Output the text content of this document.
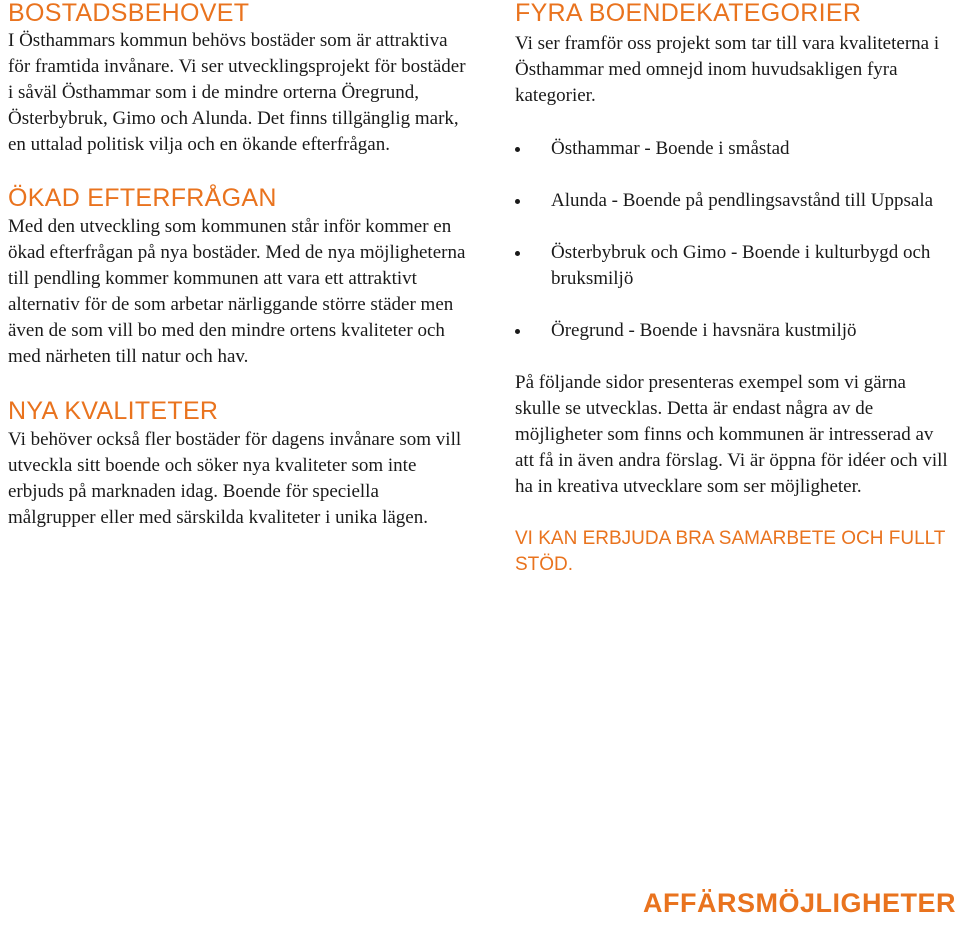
BOSTADSBEHOVET

I Östhammars kommun behövs bostäder som är attraktiva för framtida invånare. Vi ser utvecklingsprojekt för bostäder i såväl Östhammar som i de mindre orterna Öregrund, Österbybruk, Gimo och Alunda. Det finns tillgänglig mark, en uttalad politisk vilja och en ökande efterfrågan.

ÖKAD EFTERFRÅGAN

Med den utveckling som kommunen står inför kommer en ökad efterfrågan på nya bostäder. Med de nya möjligheterna till pendling kommer kommunen att vara ett attraktivt alternativ för de som arbetar närliggande större städer men även de som vill bo med den mindre ortens kvaliteter och med närheten till natur och hav.

NYA KVALITETER

Vi behöver också fler bostäder för dagens invånare som vill utveckla sitt boende och söker nya kvaliteter som inte erbjuds på marknaden idag. Boende för speciella målgrupper eller med särskilda kvaliteter i unika lägen.

FYRA BOENDEKATEGORIER

Vi ser framför oss projekt som tar till vara kvaliteterna i Östhammar med omnejd inom huvudsakligen fyra kategorier.

Östhammar - Boende i småstad
Alunda - Boende på pendlingsavstånd till Uppsala
Österbybruk och Gimo - Boende i kulturbygd och bruksmiljö
Öregrund - Boende i havsnära kustmiljö

På följande sidor presenteras exempel som vi gärna skulle se utvecklas. Detta är endast några av de möjligheter som finns och kommunen är intresserad av att få in även andra förslag. Vi är öppna för idéer och vill ha in kreativa utvecklare som ser möjligheter.

VI KAN ERBJUDA BRA SAMARBETE OCH FULLT STÖD.

AFFÄRSMÖJLIGHETER
